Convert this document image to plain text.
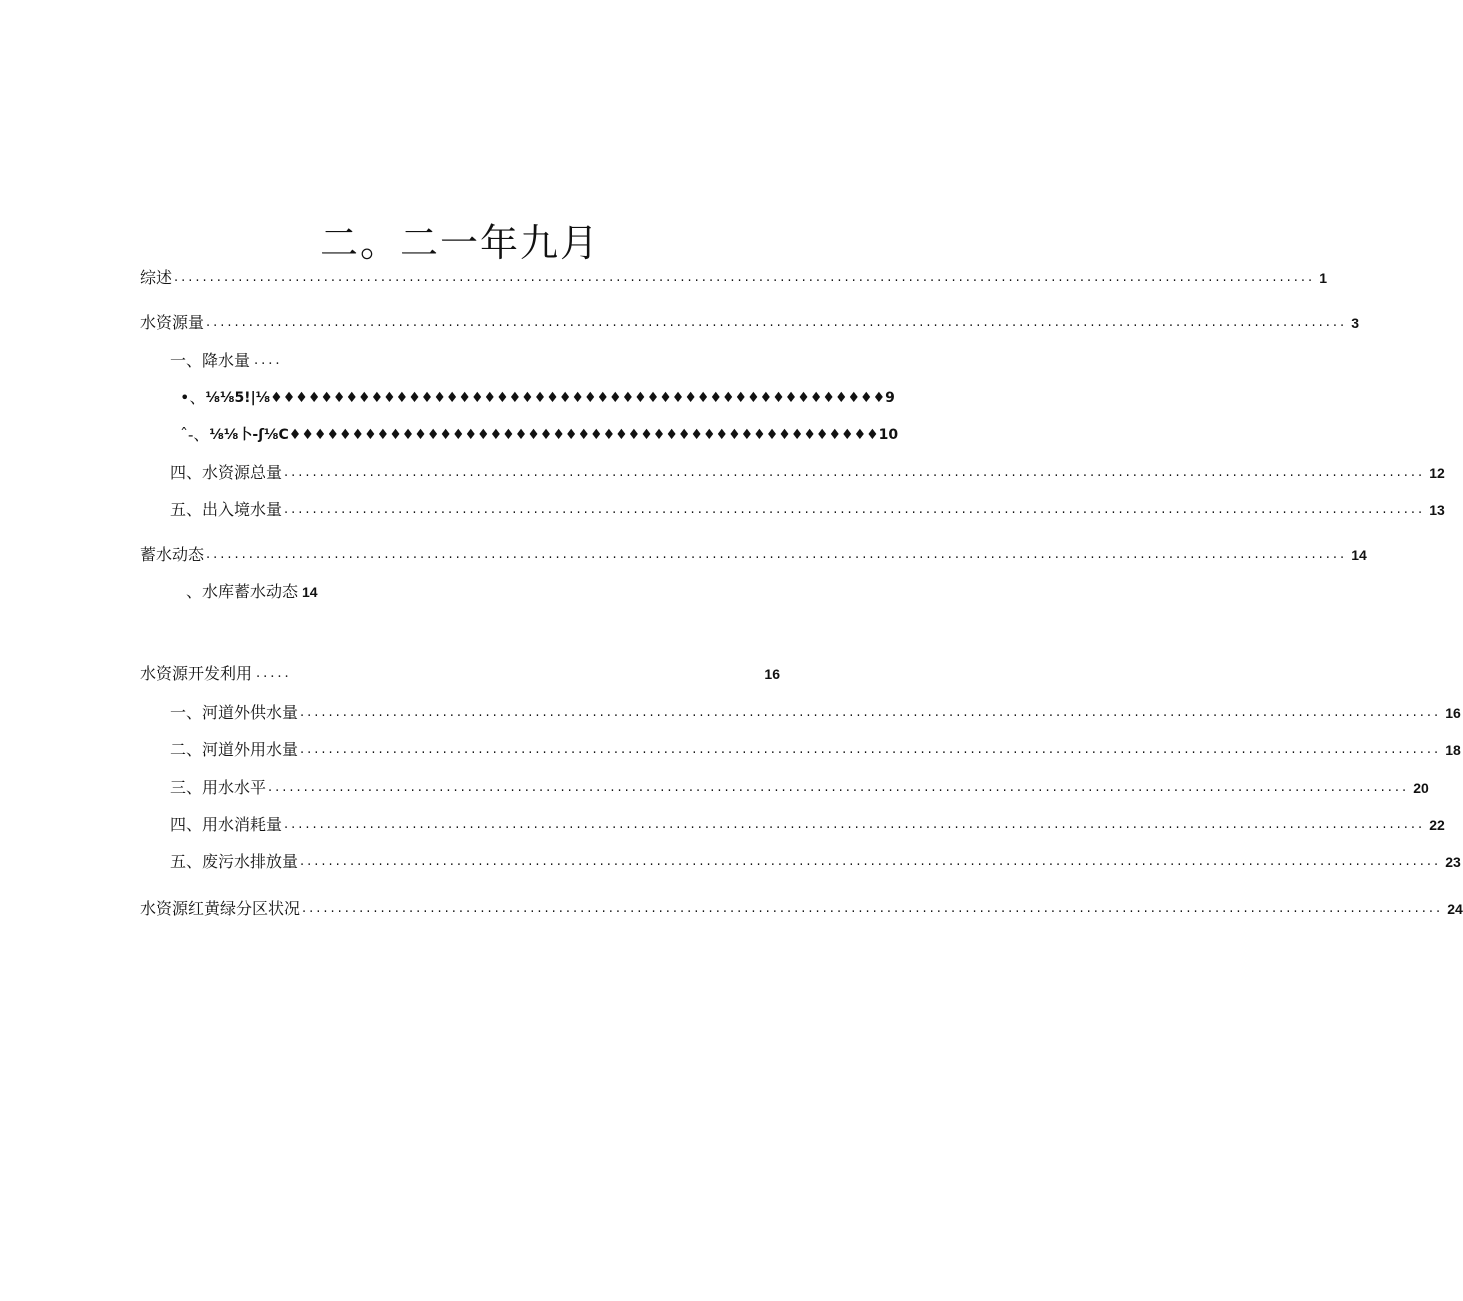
二。二一年九月
综述 ................................................................................................................................................................ 1
水资源量 ................................................................................................................................................................ 3
一、降水量 ....
•、 ⅛⅛5!|⅛♦♦♦♦♦♦♦♦♦♦♦♦♦♦♦♦♦♦♦♦♦♦♦♦♦♦♦♦♦♦♦♦♦♦♦♦♦♦♦♦♦♦♦♦♦♦♦♦♦9
ˆ-、 ⅛⅛卜-ʃ⅛C♦♦♦♦♦♦♦♦♦♦♦♦♦♦♦♦♦♦♦♦♦♦♦♦♦♦♦♦♦♦♦♦♦♦♦♦♦♦♦♦♦♦♦♦♦♦♦10
四、水资源总量 ................................................................................................................................................................ 12
五、出入境水量 ................................................................................................................................................................ 13
蓄水动态 ................................................................................................................................................................ 14
、水库蓄水动态 14
水资源开发利用 .....	16
一、河道外供水量 ................................................................................................................................................................ 16
二、河道外用水量 ................................................................................................................................................................ 18
三、用水水平 ................................................................................................................................................................ 20
四、用水消耗量 ................................................................................................................................................................ 22
五、废污水排放量 ................................................................................................................................................................ 23
水资源红黄绿分区状况 ................................................................................................................................................................ 24
